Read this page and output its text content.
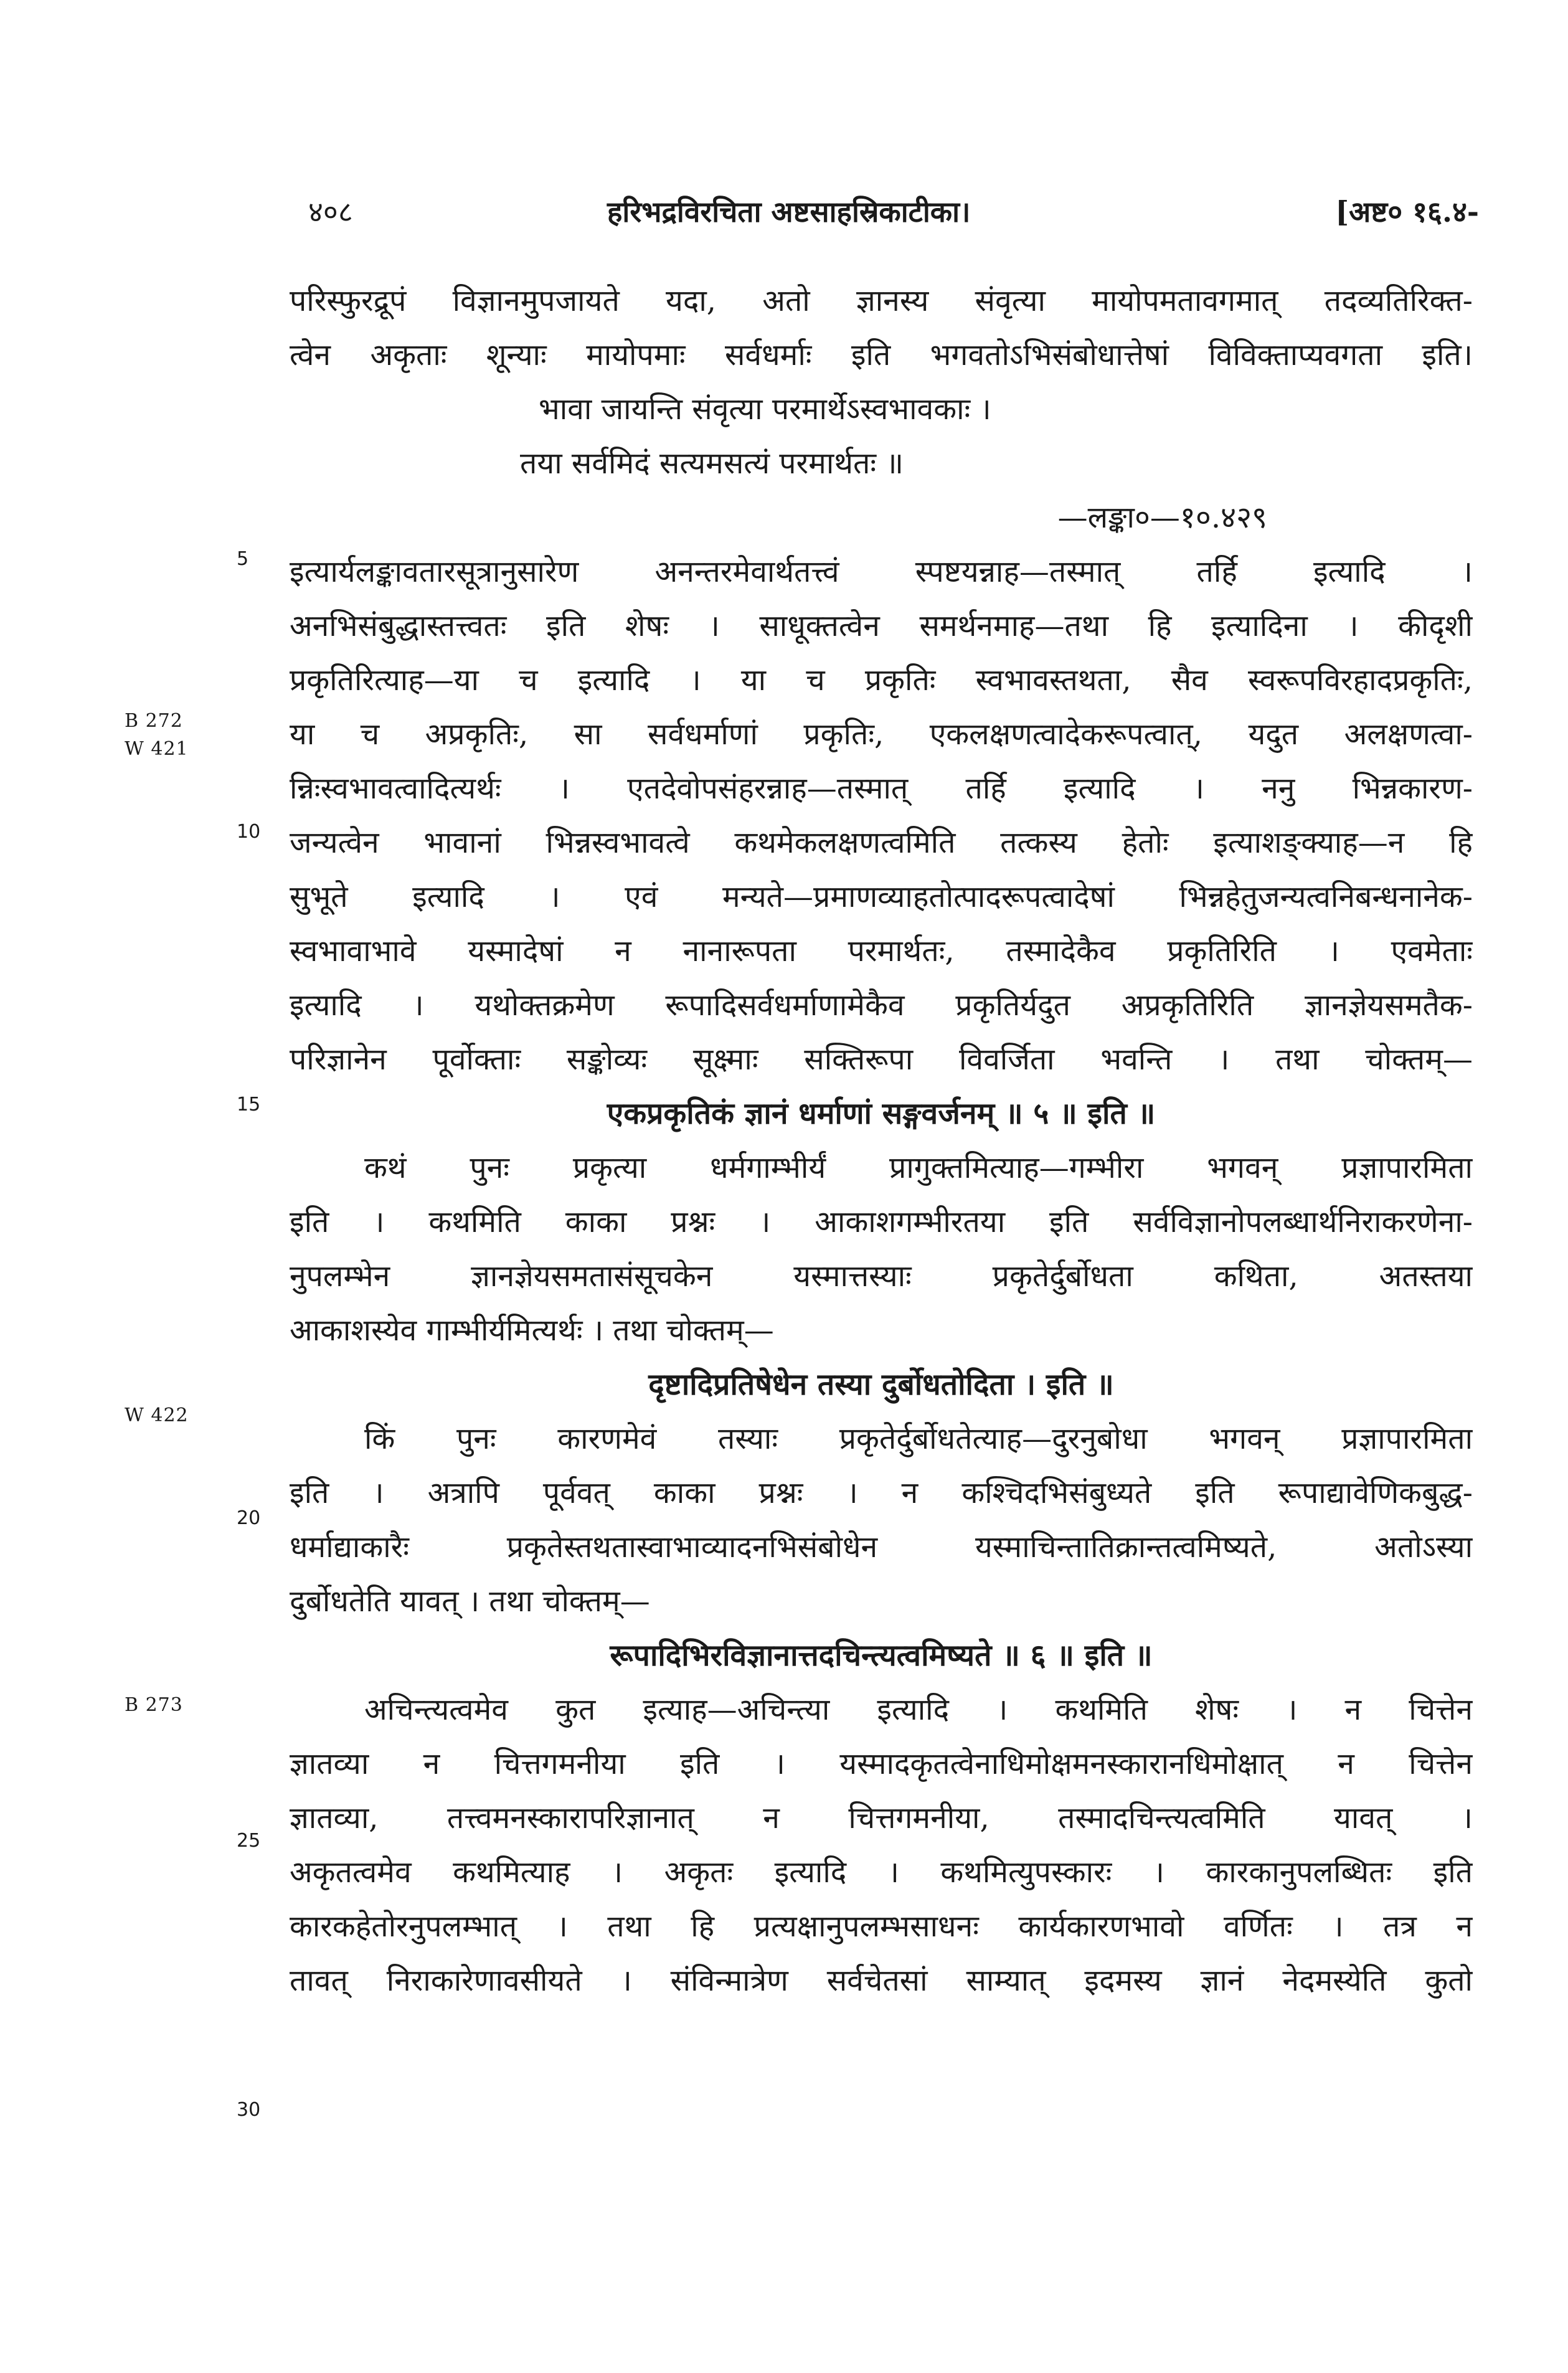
४०८	हरिभद्रविरचिता अष्टसाहस्रिकाटीका।	[अष्ट० १६.४-
B 272
W 421
W 422
B 273
5
10
15
20
25
30
परिस्फुरद्रूपं विज्ञानमुपजायते यदा, अतो ज्ञानस्य संवृत्या मायोपमतावगमात् तदव्यतिरिक्त-
त्वेन अकृताः शून्याः मायोपमाः सर्वधर्माः इति भगवतोऽभिसंबोधात्तेषां विविक्ताप्यवगता इति।
भावा जायन्ति संवृत्या परमार्थेऽस्वभावकाः ।
तया सर्वमिदं सत्यमसत्यं परमार्थतः ॥
—लङ्का०—१०.४२९
इत्यार्यलङ्कावतारसूत्रानुसारेण अनन्तरमेवार्थतत्त्वं स्पष्टयन्नाह—तस्मात् तर्हि इत्यादि ।
अनभिसंबुद्धास्तत्त्वतः इति शेषः । साधूक्तत्वेन समर्थनमाह—तथा हि इत्यादिना । कीदृशी
प्रकृतिरित्याह—या च इत्यादि । या च प्रकृतिः स्वभावस्तथता, सैव स्वरूपविरहादप्रकृतिः,
या च अप्रकृतिः, सा सर्वधर्माणां प्रकृतिः, एकलक्षणत्वादेकरूपत्वात्, यदुत अलक्षणत्वा-
न्निःस्वभावत्वादित्यर्थः । एतदेवोपसंहरन्नाह—तस्मात् तर्हि इत्यादि । ननु भिन्नकारण-
जन्यत्वेन भावानां भिन्नस्वभावत्वे कथमेकलक्षणत्वमिति तत्कस्य हेतोः इत्याशङ्क्याह—न हि
सुभूते इत्यादि । एवं मन्यते—प्रमाणव्याहतोत्पादरूपत्वादेषां भिन्नहेतुजन्यत्वनिबन्धनानेक-
स्वभावाभावे यस्मादेषां न नानारूपता परमार्थतः, तस्मादेकैव प्रकृतिरिति । एवमेताः
इत्यादि । यथोक्तक्रमेण रूपादिसर्वधर्माणामेकैव प्रकृतिर्यदुत अप्रकृतिरिति ज्ञानज्ञेयसमतैक-
परिज्ञानेन पूर्वोक्ताः सङ्कोव्यः सूक्ष्माः सक्तिरूपा विवर्जिता भवन्ति । तथा चोक्तम्—
एकप्रकृतिकं ज्ञानं धर्माणां सङ्गवर्जनम् ॥ ५ ॥ इति ॥
कथं पुनः प्रकृत्या धर्मगाम्भीर्यं प्रागुक्तमित्याह—गम्भीरा भगवन् प्रज्ञापारमिता
इति । कथमिति काका प्रश्नः । आकाशगम्भीरतया इति सर्वविज्ञानोपलब्धार्थनिराकरणेना-
नुपलम्भेन ज्ञानज्ञेयसमतासंसूचकेन यस्मात्तस्याः प्रकृतेर्दुर्बोधता कथिता, अतस्तया
आकाशस्येव गाम्भीर्यमित्यर्थः । तथा चोक्तम्—
दृष्टादिप्रतिषेधेन तस्या दुर्बोधतोदिता । इति ॥
किं पुनः कारणमेवं तस्याः प्रकृतेर्दुर्बोधतेत्याह—दुरनुबोधा भगवन् प्रज्ञापारमिता
इति । अत्रापि पूर्ववत् काका प्रश्नः । न कश्चिदभिसंबुध्यते इति रूपाद्यावेणिकबुद्ध-
धर्माद्याकारैः प्रकृतेस्तथतास्वाभाव्यादनभिसंबोधेन यस्माचिन्तातिक्रान्तत्वमिष्यते, अतोऽस्या
दुर्बोधतेति यावत् । तथा चोक्तम्—
रूपादिभिरविज्ञानात्तदचिन्त्यत्वमिष्यते ॥ ६ ॥ इति ॥
अचिन्त्यत्वमेव कुत इत्याह—अचिन्त्या इत्यादि । कथमिति शेषः । न चित्तेन
ज्ञातव्या न चित्तगमनीया इति । यस्मादकृतत्वेनाधिमोक्षमनस्कारानधिमोक्षात् न चित्तेन
ज्ञातव्या, तत्त्वमनस्कारापरिज्ञानात् न चित्तगमनीया, तस्मादचिन्त्यत्वमिति यावत् ।
अकृतत्वमेव कथमित्याह । अकृतः इत्यादि । कथमित्युपस्कारः । कारकानुपलब्धितः इति
कारकहेतोरनुपलम्भात् । तथा हि प्रत्यक्षानुपलम्भसाधनः कार्यकारणभावो वर्णितः । तत्र न
तावत् निराकारेणावसीयते । संविन्मात्रेण सर्वचेतसां साम्यात् इदमस्य ज्ञानं नेदमस्येति कुतो
